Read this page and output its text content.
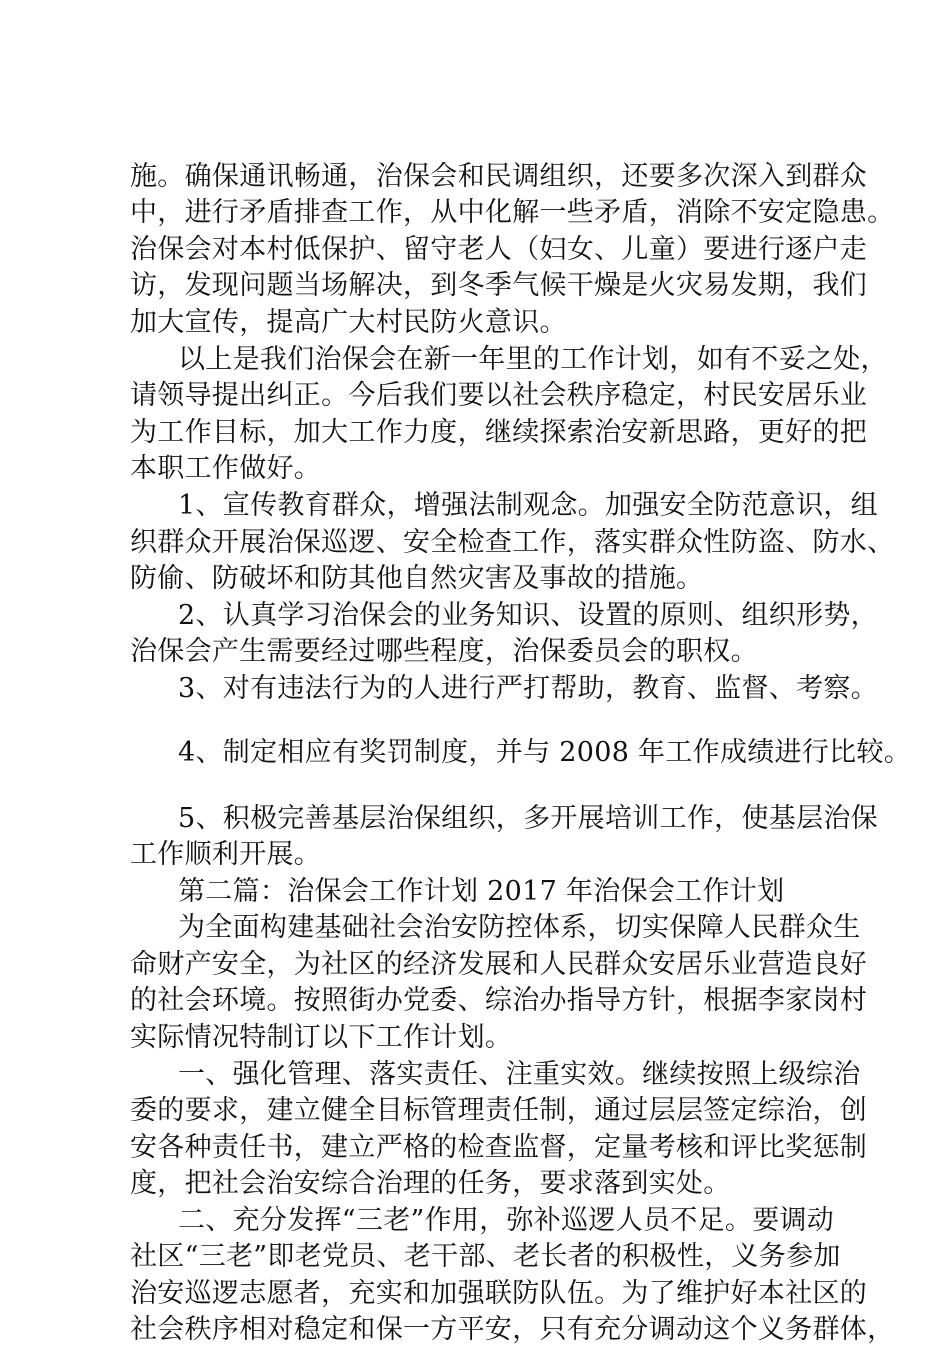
施。确保通讯畅通，治保会和民调组织，还要多次深入到群众
中，进行矛盾排查工作，从中化解一些矛盾，消除不安定隐患。
治保会对本村低保护、留守老人（妇女、儿童）要进行逐户走
访，发现问题当场解决，到冬季气候干燥是火灾易发期，我们
加大宣传，提高广大村民防火意识。
以上是我们治保会在新一年里的工作计划，如有不妥之处，
请领导提出纠正。今后我们要以社会秩序稳定，村民安居乐业
为工作目标，加大工作力度，继续探索治安新思路，更好的把
本职工作做好。
1、宣传教育群众，增强法制观念。加强安全防范意识，组
织群众开展治保巡逻、安全检查工作，落实群众性防盗、防水、
防偷、防破坏和防其他自然灾害及事故的措施。
2、认真学习治保会的业务知识、设置的原则、组织形势，
治保会产生需要经过哪些程度，治保委员会的职权。
3、对有违法行为的人进行严打帮助，教育、监督、考察。
4、制定相应有奖罚制度，并与 2008 年工作成绩进行比较。
5、积极完善基层治保组织，多开展培训工作，使基层治保
工作顺利开展。
第二篇：治保会工作计划 2017 年治保会工作计划
为全面构建基础社会治安防控体系，切实保障人民群众生
命财产安全，为社区的经济发展和人民群众安居乐业营造良好
的社会环境。按照街办党委、综治办指导方针，根据李家岗村
实际情况特制订以下工作计划。
一、强化管理、落实责任、注重实效。继续按照上级综治
委的要求，建立健全目标管理责任制，通过层层签定综治，创
安各种责任书，建立严格的检查监督，定量考核和评比奖惩制
度，把社会治安综合治理的任务，要求落到实处。
二、充分发挥“三老”作用，弥补巡逻人员不足。要调动
社区“三老”即老党员、老干部、老长者的积极性，义务参加
治安巡逻志愿者，充实和加强联防队伍。为了维护好本社区的
社会秩序相对稳定和保一方平安，只有充分调动这个义务群体，
